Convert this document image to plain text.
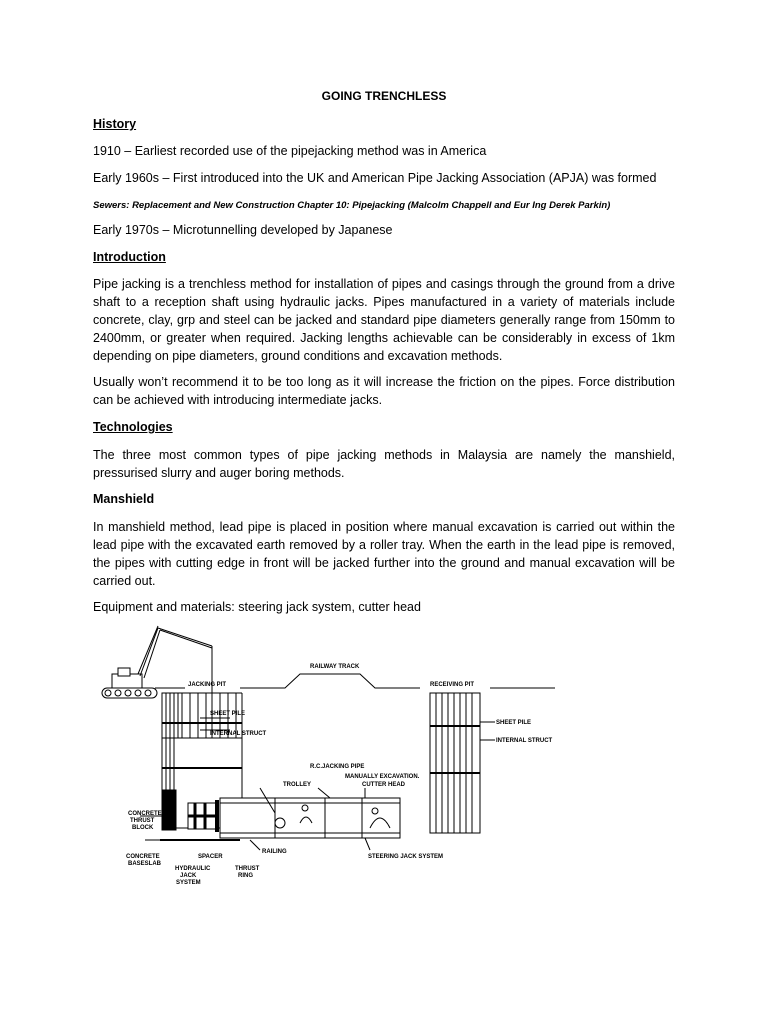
GOING TRENCHLESS
History
1910 – Earliest recorded use of the pipejacking method was in America
Early 1960s – First introduced into the UK and American Pipe Jacking Association (APJA) was formed
Sewers: Replacement and New Construction Chapter 10: Pipejacking (Malcolm Chappell and Eur Ing Derek Parkin)
Early 1970s – Microtunnelling developed by Japanese
Introduction
Pipe jacking is a trenchless method for installation of pipes and casings through the ground from a drive shaft to a reception shaft using hydraulic jacks. Pipes manufactured in a variety of materials include concrete, clay, grp and steel can be jacked and standard pipe diameters generally range from 150mm to 2400mm, or greater when required. Jacking lengths achievable can be considerably in excess of 1km depending on pipe diameters, ground conditions and excavation methods.
Usually won’t recommend it to be too long as it will increase the friction on the pipes. Force distribution can be achieved with introducing intermediate jacks.
Technologies
The three most common types of pipe jacking methods in Malaysia are namely the manshield, pressurised slurry and auger boring methods.
Manshield
In manshield method, lead pipe is placed in position where manual excavation is carried out within the lead pipe with the excavated earth removed by a roller tray. When the earth in the lead pipe is removed, the pipes with cutting edge in front will be jacked further into the ground and manual excavation will be carried out.
Equipment and materials: steering jack system, cutter head
JACKING PIT
RAILWAY TRACK
RECEIVING PIT
SHEET PILE
INTERNAL STRUCT
SHEET PILE
INTERNAL STRUCT
R.C.JACKING PIPE
MANUALLY EXCAVATION.
TROLLEY	CUTTER HEAD
CONCRETE
THRUST
BLOCK
CONCRETE
BASESLAB
SPACER
RAILING
STEERING JACK SYSTEM
HYDRAULIC
JACK
SYSTEM
THRUST
RING
